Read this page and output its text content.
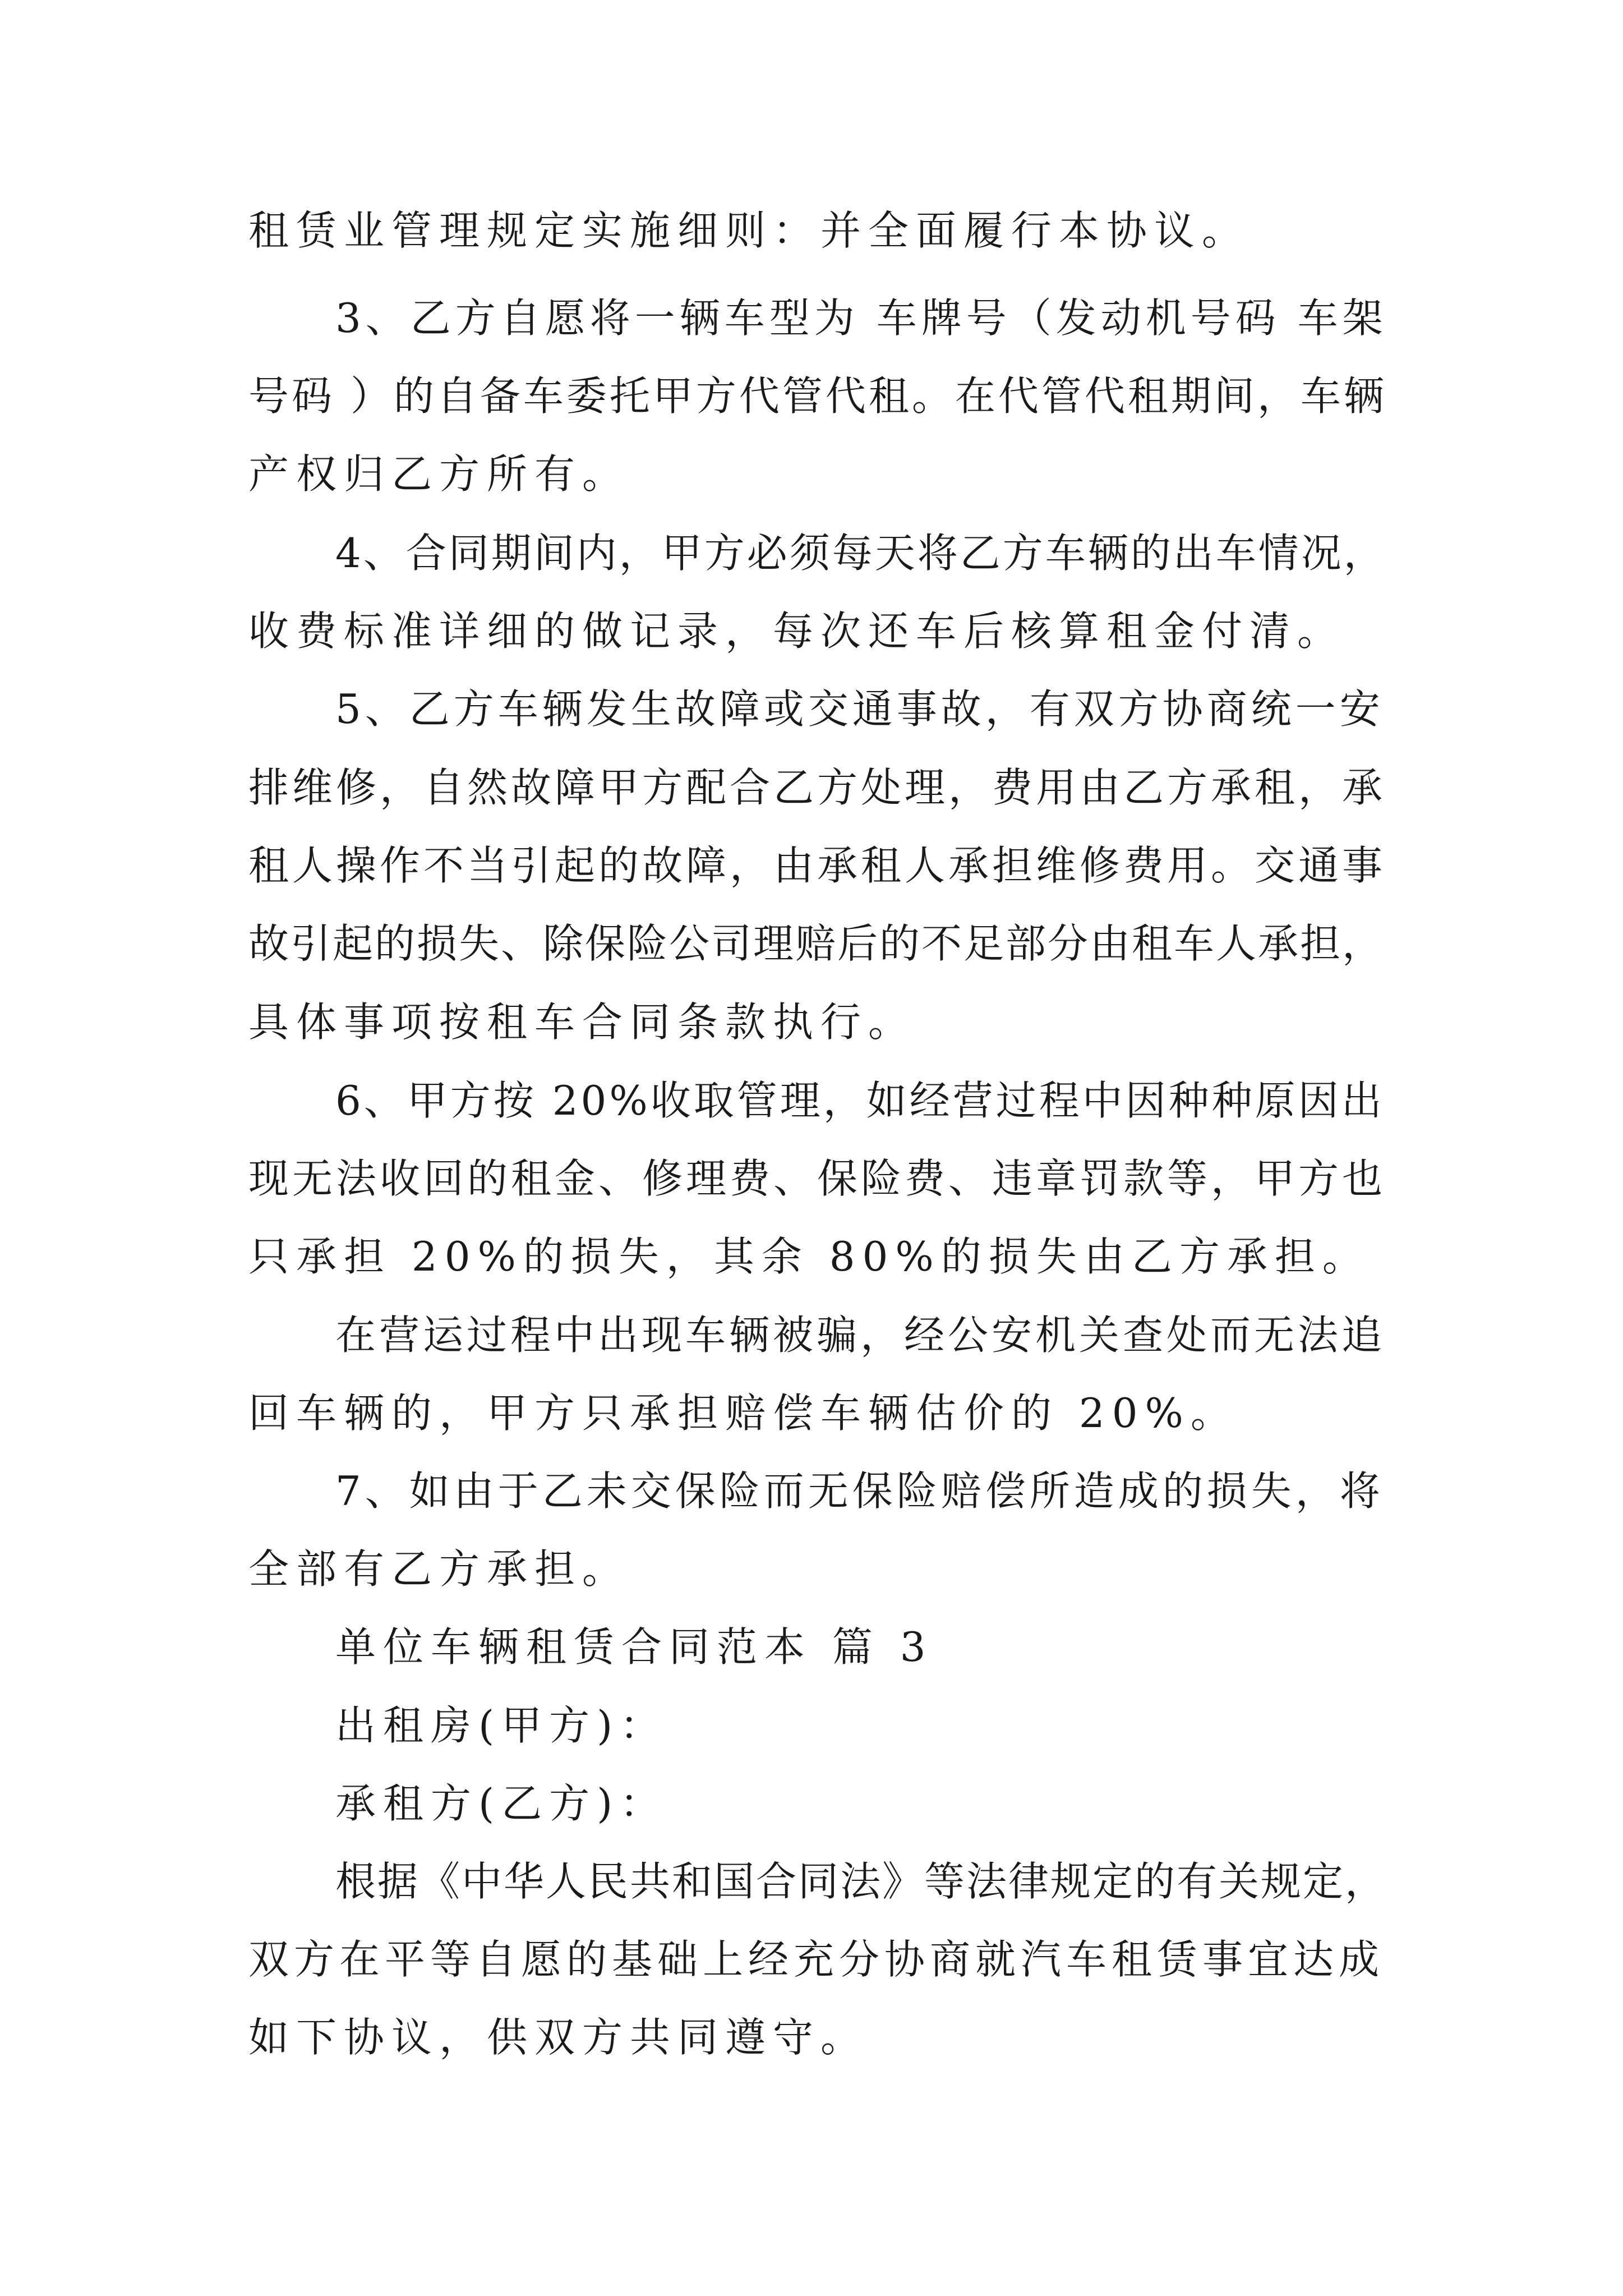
租赁业管理规定实施细则：并全面履行本协议。

3、乙方自愿将一辆车型为 车牌号（发动机号码 车架

号码 ）的自备车委托甲方代管代租。在代管代租期间，车辆

产权归乙方所有。

4、合同期间内，甲方必须每天将乙方车辆的出车情况，

收费标准详细的做记录，每次还车后核算租金付清。

5、乙方车辆发生故障或交通事故，有双方协商统一安

排维修，自然故障甲方配合乙方处理，费用由乙方承租，承

租人操作不当引起的故障，由承租人承担维修费用。交通事

故引起的损失、除保险公司理赔后的不足部分由租车人承担，

具体事项按租车合同条款执行。

6、甲方按 20%收取管理，如经营过程中因种种原因出

现无法收回的租金、修理费、保险费、违章罚款等，甲方也

只承担 20%的损失，其余 80%的损失由乙方承担。

在营运过程中出现车辆被骗，经公安机关查处而无法追

回车辆的，甲方只承担赔偿车辆估价的 20%。

7、如由于乙未交保险而无保险赔偿所造成的损失，将

全部有乙方承担。

单位车辆租赁合同范本 篇 3

出租房(甲方)：

承租方(乙方)：

根据《中华人民共和国合同法》等法律规定的有关规定，

双方在平等自愿的基础上经充分协商就汽车租赁事宜达成

如下协议，供双方共同遵守。
